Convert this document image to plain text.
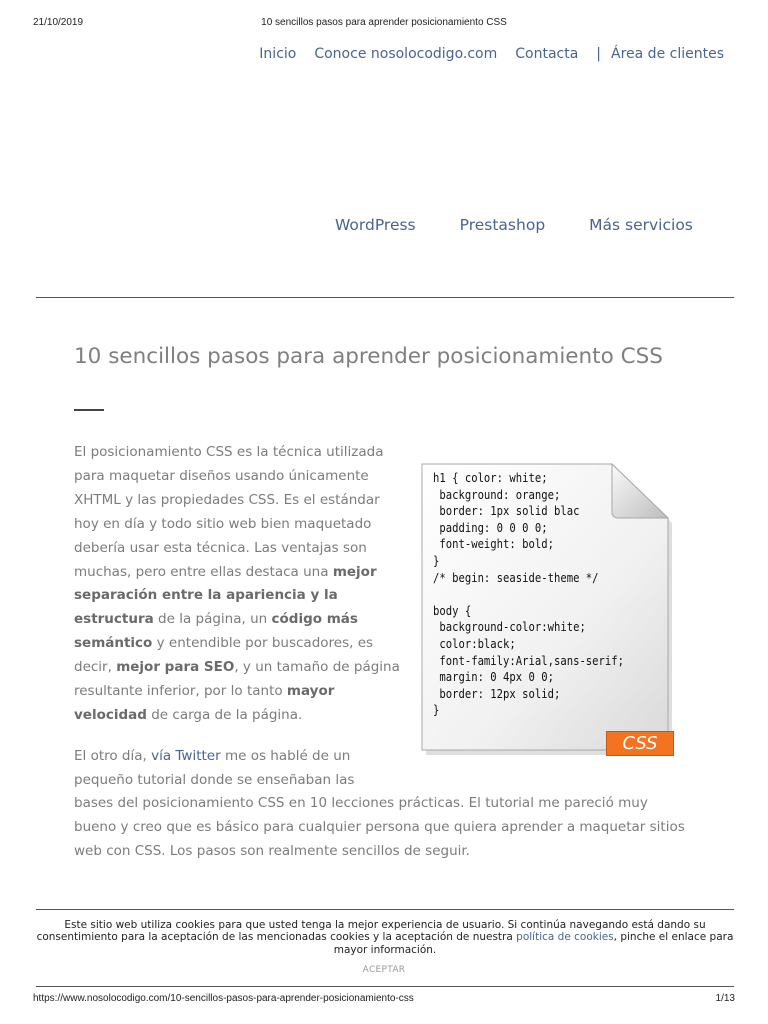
21/10/2019	10 sencillos pasos para aprender posicionamiento CSS
Inicio Conoce nosolocodigo.com Contacta | Área de clientes
WordPress	Prestashop	Más servicios
10 sencillos pasos para aprender posicionamiento CSS

El posicionamiento CSS es la técnica utilizada para maquetar diseños usando únicamente XHTML y las propiedades CSS. Es el estándar hoy en día y todo sitio web bien maquetado debería usar esta técnica. Las ventajas son muchas, pero entre ellas destaca una mejor separación entre la apariencia y la estructura de la página, un código más semántico y entendible por buscadores, es decir, mejor para SEO, y un tamaño de página resultante inferior, por lo tanto mayor velocidad de carga de la página.

h1 { color: white;
background: orange;
border: 1px solid blac
padding: 0 0 0 0;
font-weight: bold;
}
/* begin: seaside-theme */

body {
background-color:white;
color:black;
font-family:Arial,sans-serif;
margin: 0 4px 0 0;
border: 12px solid;
}
CSS

El otro día, vía Twitter me os hablé de un pequeño tutorial donde se enseñaban las

bases del posicionamiento CSS en 10 lecciones prácticas. El tutorial me pareció muy bueno y creo que es básico para cualquier persona que quiera aprender a maquetar sitios web con CSS. Los pasos son realmente sencillos de seguir.

Este sitio web utiliza cookies para que usted tenga la mejor experiencia de usuario. Si continúa navegando está dando su consentimiento para la aceptación de las mencionadas cookies y la aceptación de nuestra política de cookies, pinche el enlace para mayor información.
ACEPTAR
https://www.nosolocodigo.com/10-sencillos-pasos-para-aprender-posicionamiento-css	1/13
